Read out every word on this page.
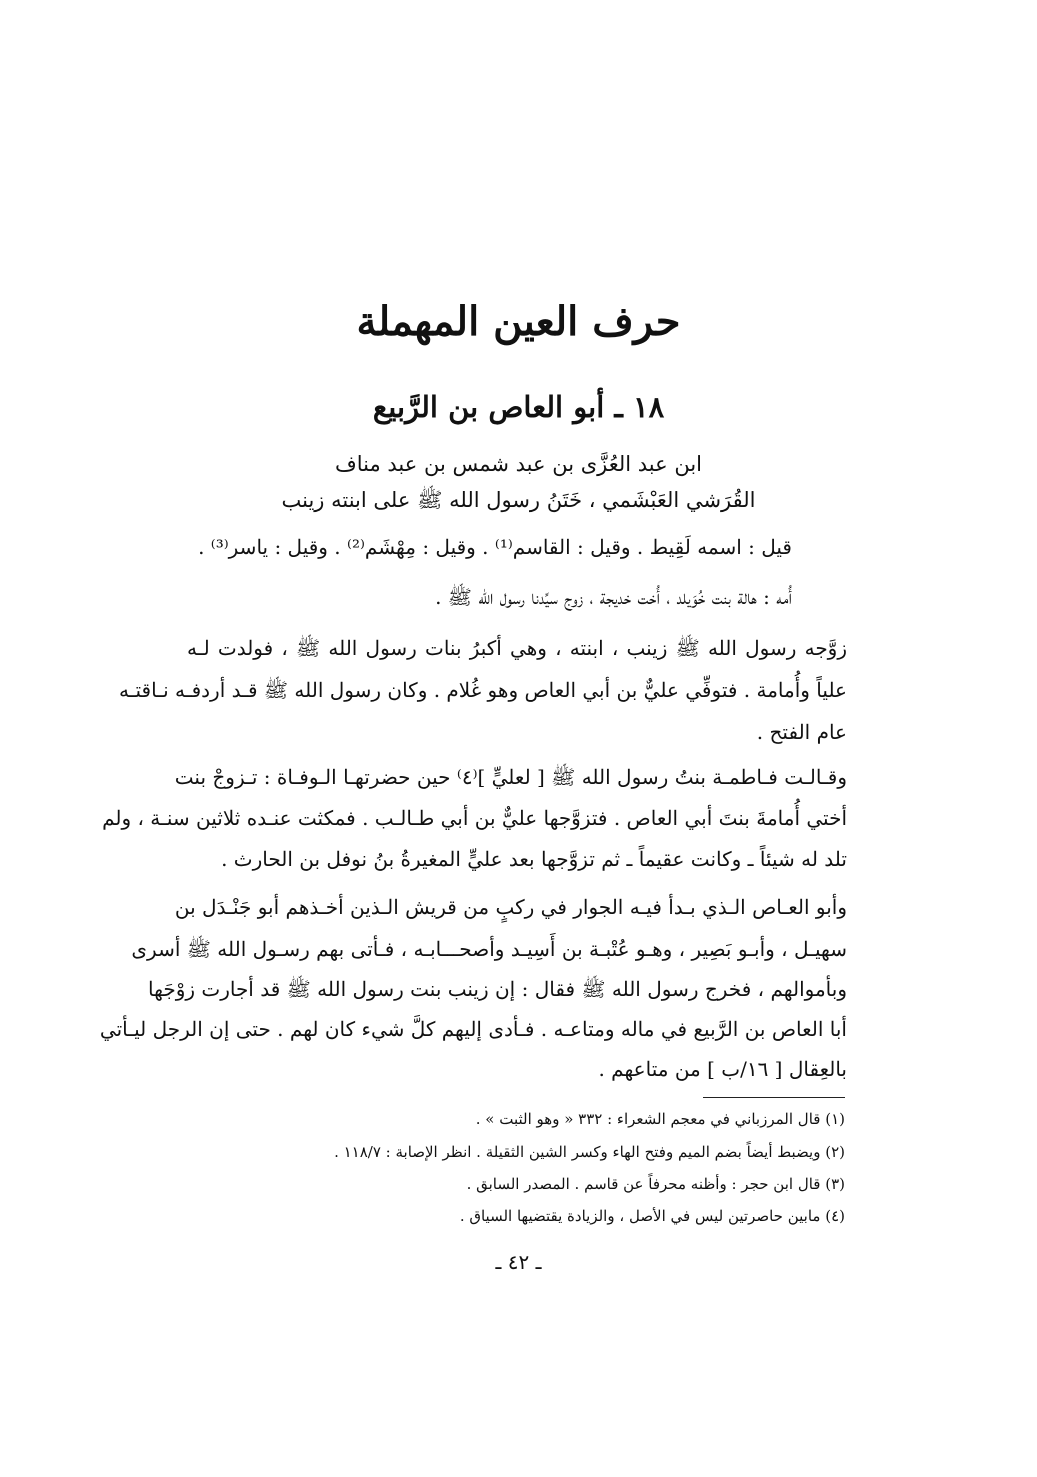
حرف العين المهملة
١٨ ـ أبو العاص بن الرَّبيع
ابن عبد العُزَّى بن عبد شمس بن عبد مناف
القُرَشي العَبْشَمي ، خَتَنُ رسول الله ﷺ على ابنته زينب
قيل : اسمه لَقِيط . وقيل : القاسم⁽¹⁾ . وقيل : مِهْشَم⁽²⁾ . وقيل : ياسر⁽³⁾ .
أُمه : هالة بنت خُوَيلد ، أُخت خديجة ، زوج سيِّدنا رسول الله ﷺ .
زوَّجه رسول الله ﷺ زينب ، ابنته ، وهي أكبرُ بنات رسول الله ﷺ ، فولدت لـه
علياً وأُمامة . فتوفِّي عليٌّ بن أبي العاص وهو غُلام . وكان رسول الله ﷺ قـد أردفـه نـاقتـه
عام الفتح .
وقـالـت فـاطمـة بنتُ رسول الله ﷺ [ لعليٍّ ]⁽٤⁾ حين حضرتهـا الـوفـاة : تـزوجْ بنت
أختي أُمامةَ بنتَ أبي العاص . فتزوَّجها عليٌّ بن أبي طـالـب . فمكثت عنـده ثلاثين سنـة ، ولم
تلد له شيئاً ـ وكانت عقيماً ـ ثم تزوَّجها بعد عليٍّ المغيرةُ بنُ نوفل بن الحارث .
وأبو العـاص الـذي بـدأ فيـه الجوار في ركبٍ من قريش الـذين أخـذهم أبو جَنْـدَل بن
سهيـل ، وأبـو بَصِير ، وهـو عُتْبـة بن أَسِيـد وأصحـــابـه ، فـأتى بهم رسـول الله ﷺ أسرى
وبأموالهم ، فخرج رسول الله ﷺ فقال : إن زينب بنت رسول الله ﷺ قد أجارت زوْجَها
أبا العاص بن الرَّبيع في ماله ومتاعـه . فـأدى إليهم كلَّ شيء كان لهم . حتى إن الرجل ليـأتي
بالعِقال [ ١٦/ب ] من متاعهم .
(١) قال المرزباني في معجم الشعراء : ٣٣٢ « وهو الثبت » .
(٢) ويضبط أيضاً بضم الميم وفتح الهاء وكسر الشين الثقيلة . انظر الإصابة : ١١٨/٧ .
(٣) قال ابن حجر : وأظنه محرفاً عن قاسم . المصدر السابق .
(٤) مابين حاصرتين ليس في الأصل ، والزيادة يقتضيها السياق .
ـ ٤٢ ـ
